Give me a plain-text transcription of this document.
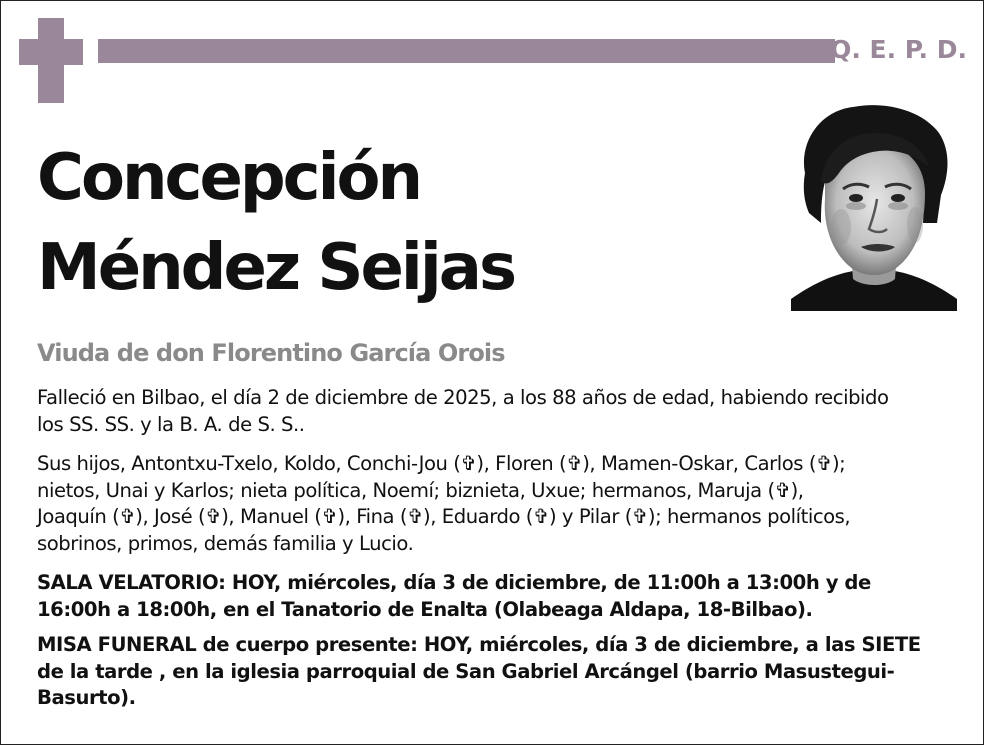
Q. E. P. D.
Concepción
Méndez Seijas
Viuda de don Florentino García Orois

Falleció en Bilbao, el día 2 de diciembre de 2025, a los 88 años de edad, habiendo recibido
los SS. SS. y la B. A. de S. S..

Sus hijos, Antontxu-Txelo, Koldo, Conchi-Jou (✞), Floren (✞), Mamen-Oskar, Carlos (✞);
nietos, Unai y Karlos; nieta política, Noemí; biznieta, Uxue; hermanos, Maruja (✞),
Joaquín (✞), José (✞), Manuel (✞), Fina (✞), Eduardo (✞) y Pilar (✞); hermanos políticos,
sobrinos, primos, demás familia y Lucio.

SALA VELATORIO: HOY, miércoles, día 3 de diciembre, de 11:00h a 13:00h y de
16:00h a 18:00h, en el Tanatorio de Enalta (Olabeaga Aldapa, 18-Bilbao).

MISA FUNERAL de cuerpo presente: HOY, miércoles, día 3 de diciembre, a las SIETE
de la tarde , en la iglesia parroquial de San Gabriel Arcángel (barrio Masustegui-
Basurto).
